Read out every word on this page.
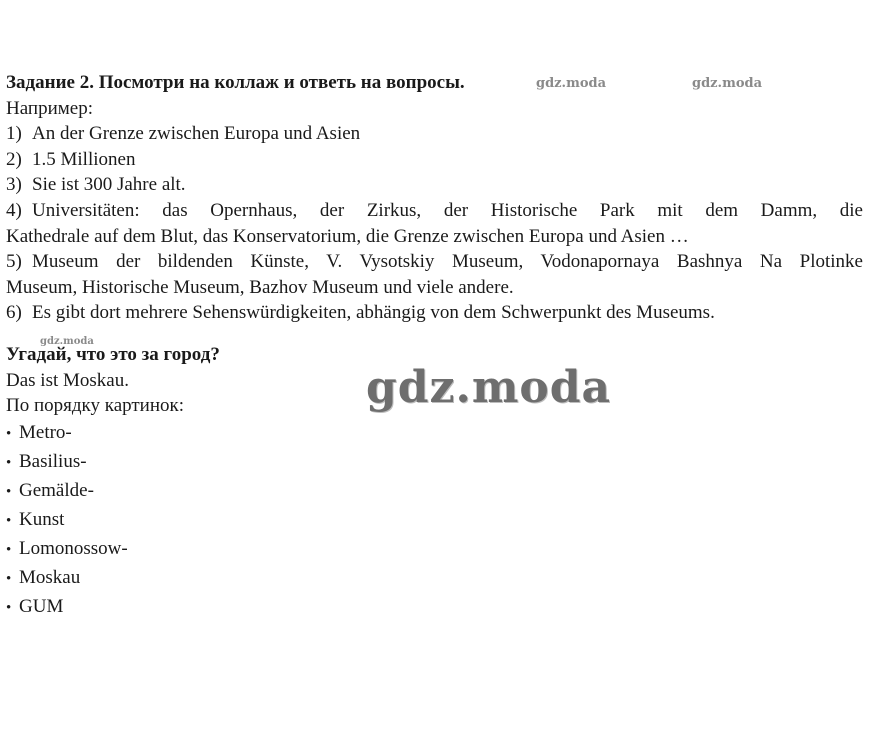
Задание 2. Посмотри на коллаж и ответь на вопросы.
Например:
1) An der Grenze zwischen Europa und Asien
2) 1.5 Millionen
3) Sie ist 300 Jahre alt.
4) Universitäten: das Opernhaus, der Zirkus, der Historische Park mit dem Damm, die
Kathedrale auf dem Blut, das Konservatorium, die Grenze zwischen Europa und Asien …
5) Museum der bildenden Künste, V. Vysotskiy Museum, Vodonapornaya Bashnya Na Plotinke
Museum, Historische Museum, Bazhov Museum und viele andere.
6) Es gibt dort mehrere Sehenswürdigkeiten, abhängig von dem Schwerpunkt des Museums.
Угадай, что это за город?
Das ist Moskau.
По порядку картинок:
• Metro-
• Basilius-
• Gemälde-
• Kunst
• Lomonossow-
• Moskau
• GUM
gdz.moda	gdz.moda
gdz.moda
gdz.moda
